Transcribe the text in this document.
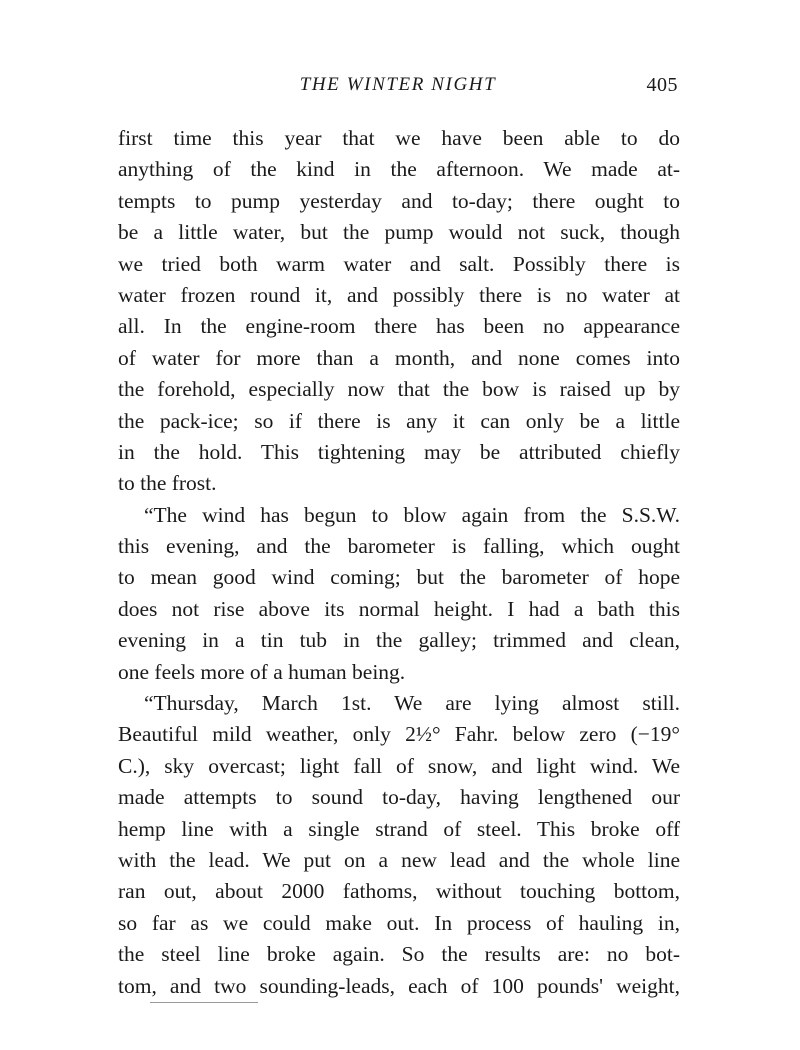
THE WINTER NIGHT	405
first time this year that we have been able to do
anything of the kind in the afternoon. We made at-
tempts to pump yesterday and to-day; there ought to
be a little water, but the pump would not suck, though
we tried both warm water and salt. Possibly there is
water frozen round it, and possibly there is no water at
all. In the engine-room there has been no appearance
of water for more than a month, and none comes into
the forehold, especially now that the bow is raised up by
the pack-ice; so if there is any it can only be a little
in the hold. This tightening may be attributed chiefly
to the frost.
“The wind has begun to blow again from the S.S.W.
this evening, and the barometer is falling, which ought
to mean good wind coming; but the barometer of hope
does not rise above its normal height. I had a bath this
evening in a tin tub in the galley; trimmed and clean,
one feels more of a human being.
“Thursday, March 1st. We are lying almost still.
Beautiful mild weather, only 2½° Fahr. below zero (−19°
C.), sky overcast; light fall of snow, and light wind. We
made attempts to sound to-day, having lengthened our
hemp line with a single strand of steel. This broke off
with the lead. We put on a new lead and the whole line
ran out, about 2000 fathoms, without touching bottom,
so far as we could make out. In process of hauling in,
the steel line broke again. So the results are: no bot-
tom, and two sounding-leads, each of 100 pounds' weight,
